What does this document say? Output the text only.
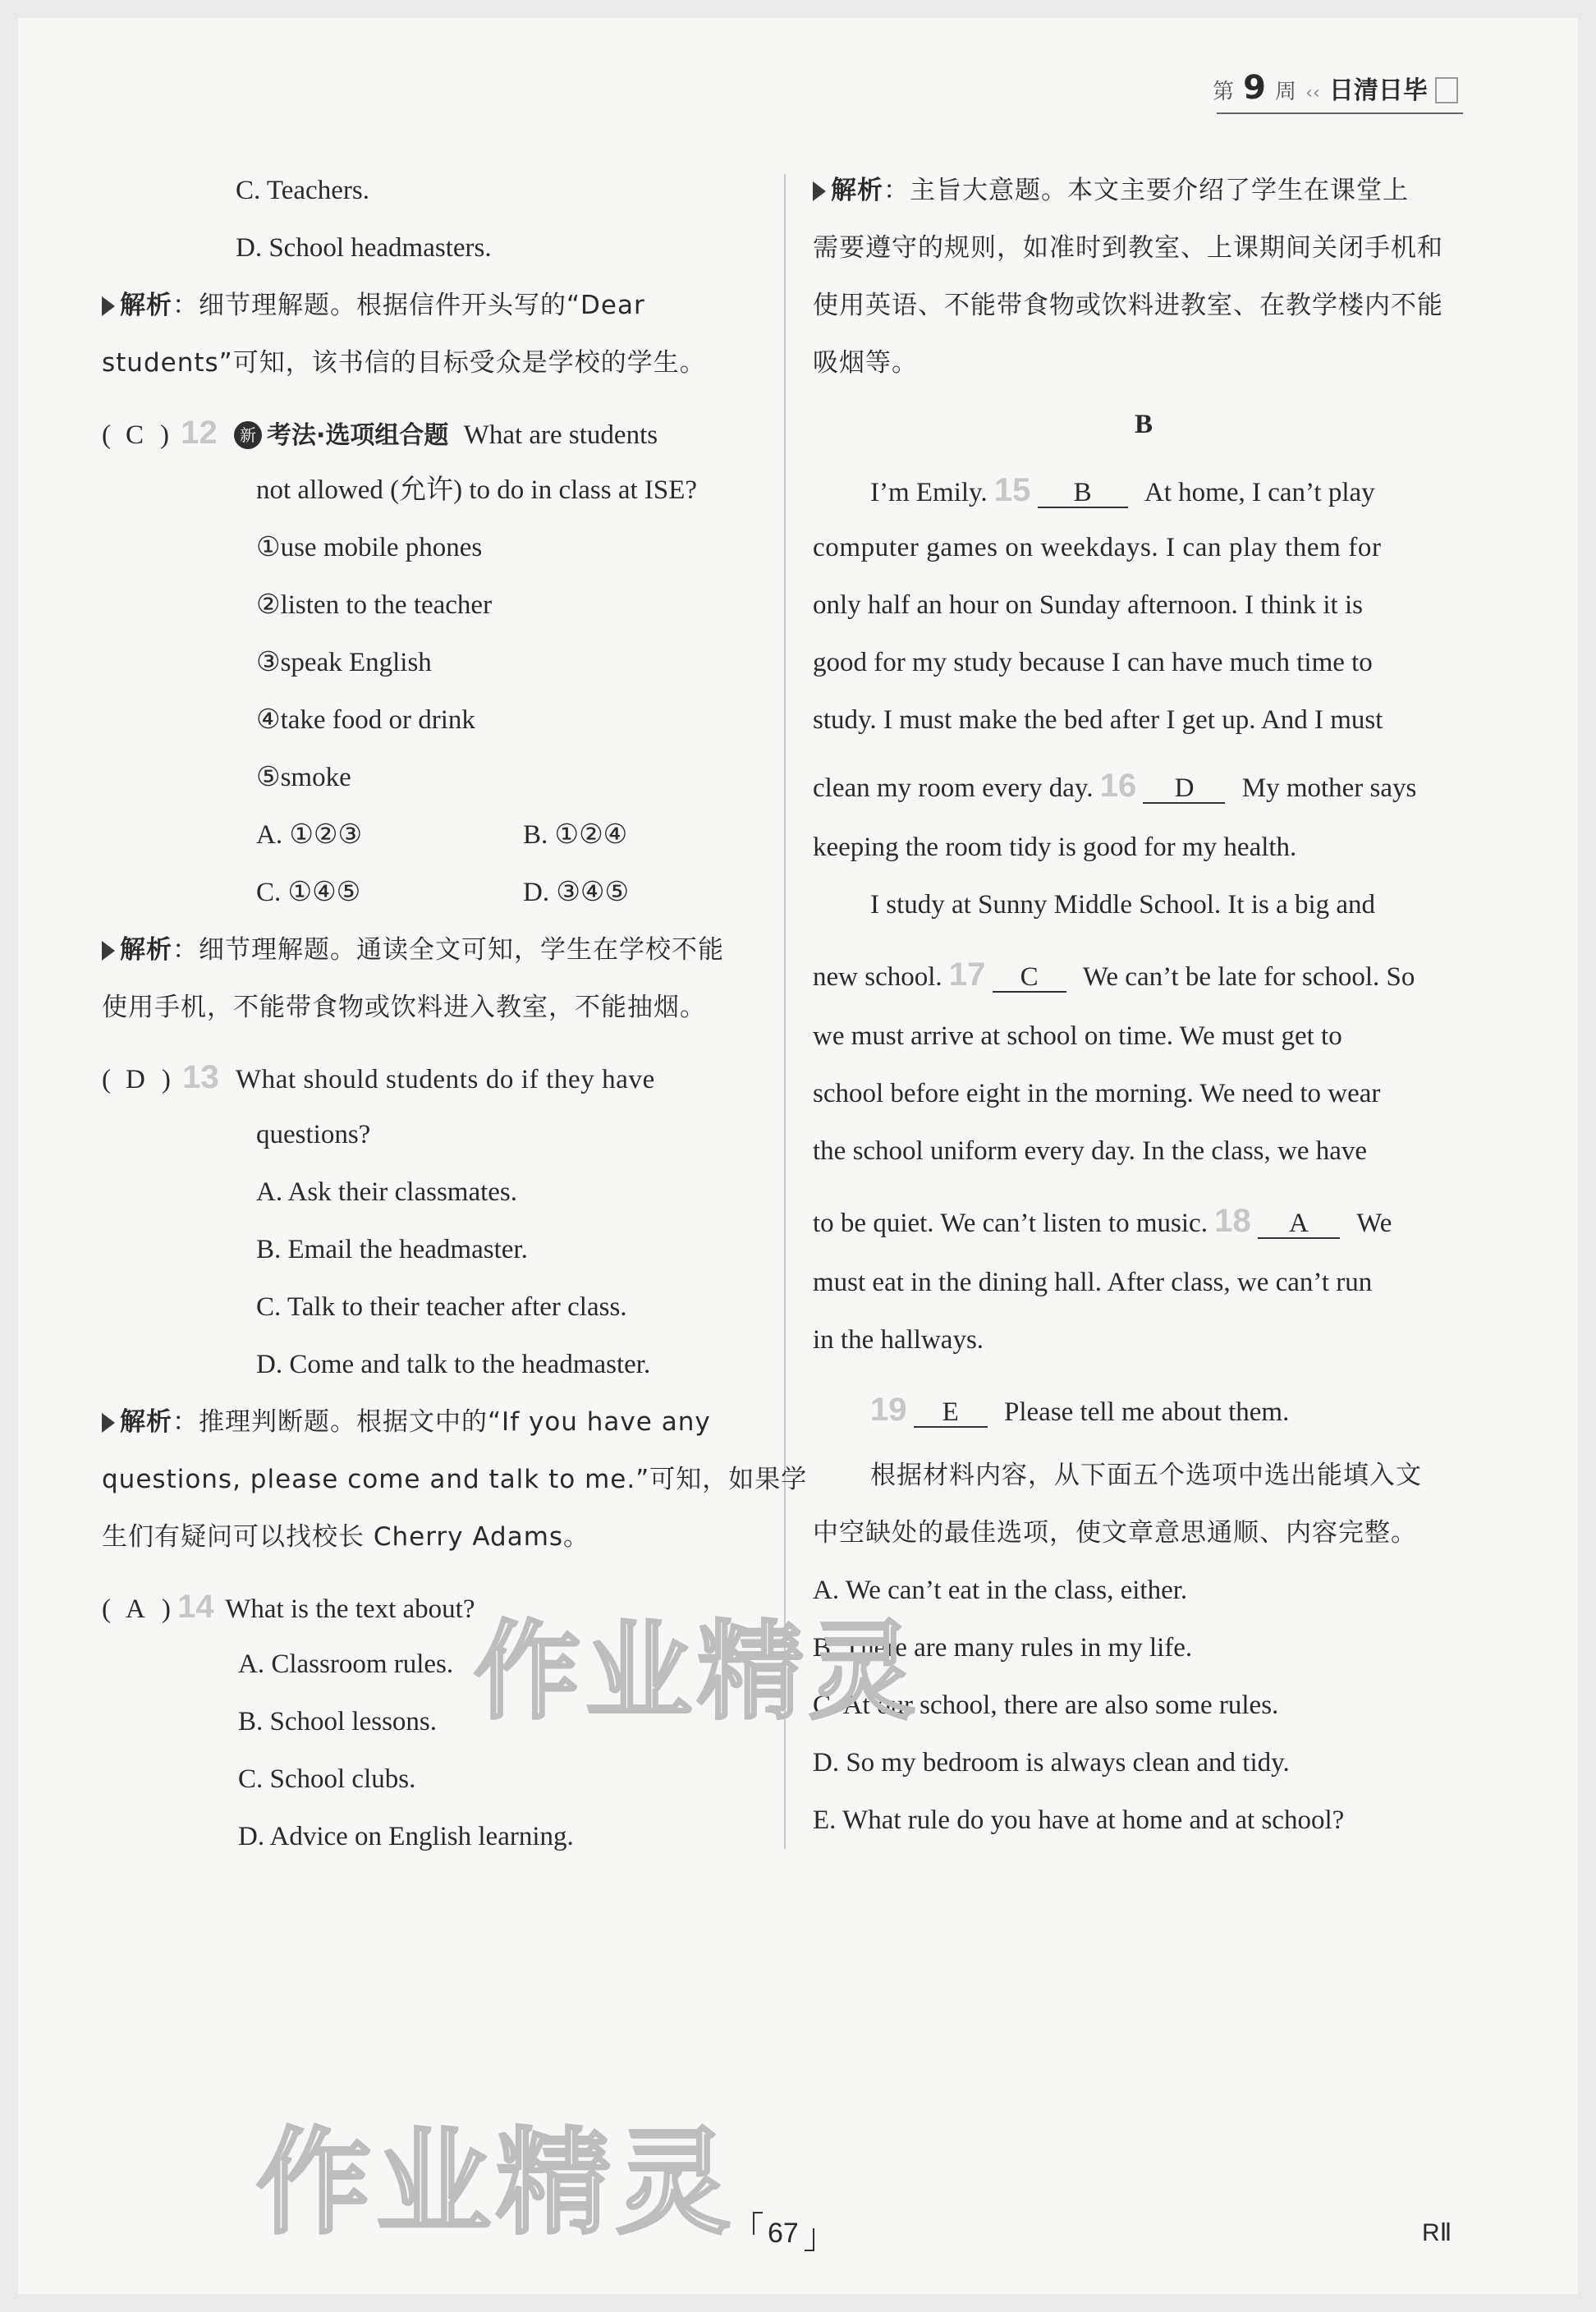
第 9 周 ‹‹ 日清日毕
C. Teachers.
D. School headmasters.
解析：细节理解题。根据信件开头写的“Dear
students”可知，该书信的目标受众是学校的学生。
(C ) 12 新 考法·选项组合题 What are students
not allowed (允许) to do in class at ISE?
①use mobile phones
②listen to the teacher
③speak English
④take food or drink
⑤smoke
A. ①②③	B. ①②④
C. ①④⑤	D. ③④⑤
解析：细节理解题。通读全文可知，学生在学校不能
使用手机，不能带食物或饮料进入教室，不能抽烟。
(D ) 13 What should students do if they have
questions?
A. Ask their classmates.
B. Email the headmaster.
C. Talk to their teacher after class.
D. Come and talk to the headmaster.
解析：推理判断题。根据文中的“If you have any
questions, please come and talk to me.”可知，如果学
生们有疑问可以找校长 Cherry Adams。
(A ) 14 What is the text about?
A. Classroom rules.
B. School lessons.
C. School clubs.
D. Advice on English learning.
解析：主旨大意题。本文主要介绍了学生在课堂上
需要遵守的规则，如准时到教室、上课期间关闭手机和
使用英语、不能带食物或饮料进教室、在教学楼内不能
吸烟等。
B
I’m Emily. 15 B At home, I can’t play
computer games on weekdays. I can play them for
only half an hour on Sunday afternoon. I think it is
good for my study because I can have much time to
study. I must make the bed after I get up. And I must
clean my room every day. 16 D My mother says
keeping the room tidy is good for my health.
I study at Sunny Middle School. It is a big and
new school. 17 C We can’t be late for school. So
we must arrive at school on time. We must get to
school before eight in the morning. We need to wear
the school uniform every day. In the class, we have
to be quiet. We can’t listen to music. 18 A We
must eat in the dining hall. After class, we can’t run
in the hallways.
19 E Please tell me about them.
根据材料内容，从下面五个选项中选出能填入文
中空缺处的最佳选项，使文章意思通顺、内容完整。
A. We can’t eat in the class, either.
B. There are many rules in my life.
C. At our school, there are also some rules.
D. So my bedroom is always clean and tidy.
E. What rule do you have at home and at school?
作业精灵
作业精灵 67	RⅡ
